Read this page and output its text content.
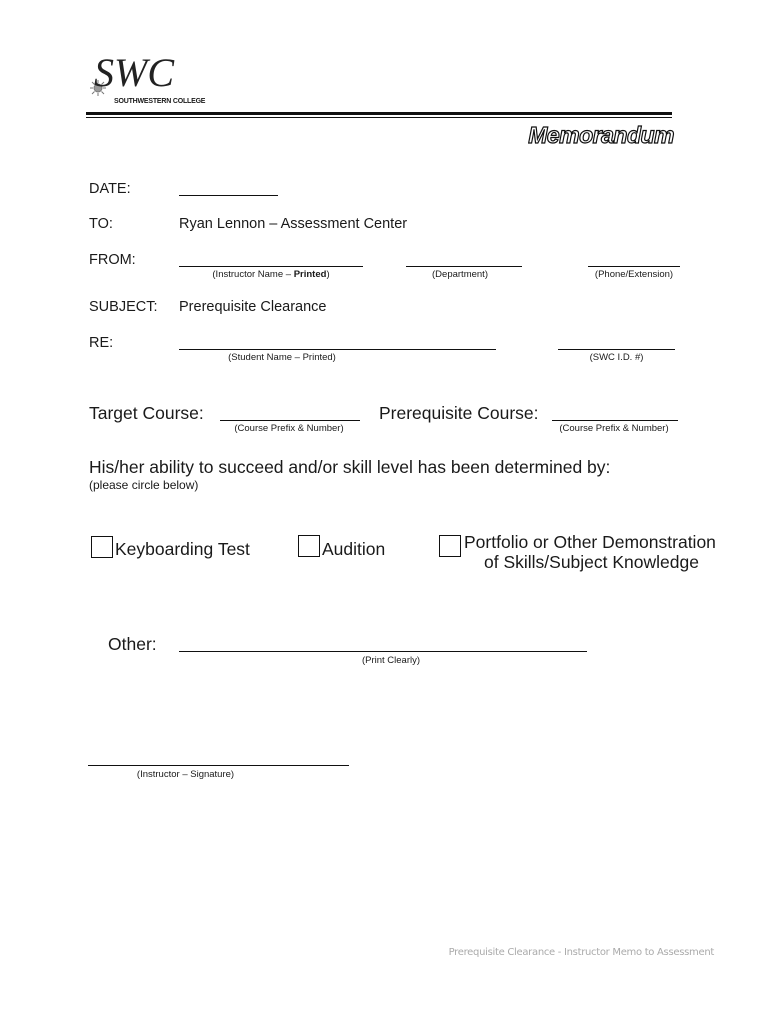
SWC
SOUTHWESTERN COLLEGE
Memorandum
DATE:
TO:	Ryan Lennon – Assessment Center
FROM:
(Instructor Name – Printed)	(Department)	(Phone/Extension)
SUBJECT: Prerequisite Clearance
RE:
(Student Name – Printed)	(SWC I.D. #)
Target Course:
(Course Prefix & Number)
Prerequisite Course:
(Course Prefix & Number)
His/her ability to succeed and/or skill level has been determined by:
(please circle below)
Keyboarding Test	Audition	Portfolio or Other Demonstration
of Skills/Subject Knowledge
Other:
(Print Clearly)
(Instructor – Signature)
Prerequisite Clearance - Instructor Memo to Assessment
